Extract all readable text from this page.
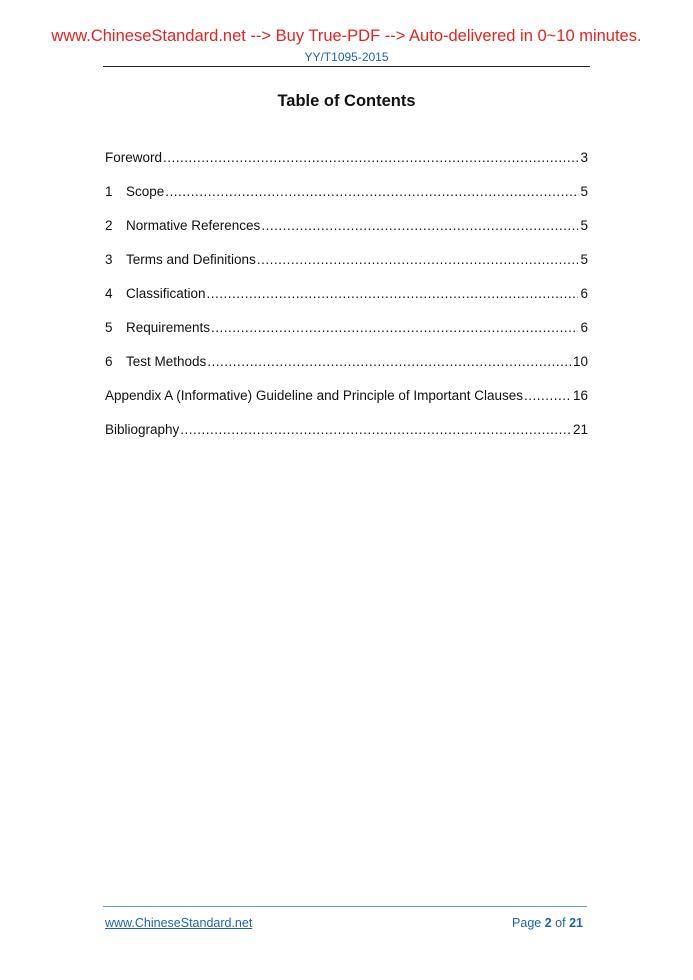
www.ChineseStandard.net --> Buy True-PDF --> Auto-delivered in 0~10 minutes.
YY/T1095-2015
Table of Contents
Foreword .....	3
1 Scope .....	5
2 Normative References .....	5
3 Terms and Definitions .....	5
4 Classification .....	6
5 Requirements .....	6
6 Test Methods .....	10
Appendix A (Informative) Guideline and Principle of Important Clauses .....	16
Bibliography .....	21
www.ChineseStandard.net	Page 2 of 21
